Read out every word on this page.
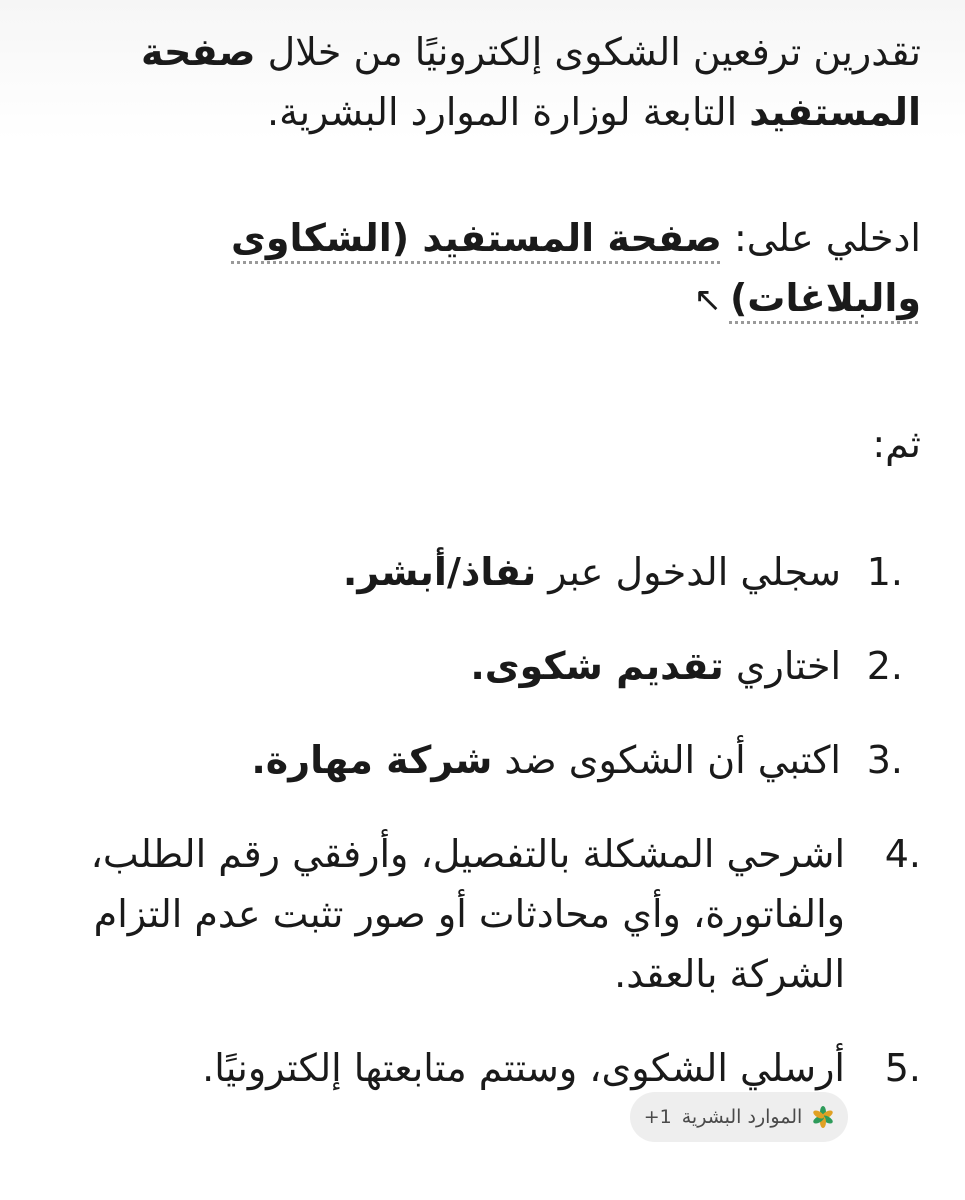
تقدرين ترفعين الشكوى إلكترونيًا من خلال صفحة المستفيد التابعة لوزارة الموارد البشرية.

ادخلي على: صفحة المستفيد (الشكاوى والبلاغات)↖

ثم:

سجلي الدخول عبر نفاذ/أبشر.	1.
اختاري تقديم شكوى.	2.
اكتبي أن الشكوى ضد شركة مهارة.	3.
4.
اشرحي المشكلة بالتفصيل، وأرفقي رقم الطلب، والفاتورة، وأي محادثات أو صور تثبت عدم التزام الشركة بالعقد.
5.
أرسلي الشكوى، وستتم متابعتها إلكترونيًا.
الموارد البشرية
+1
